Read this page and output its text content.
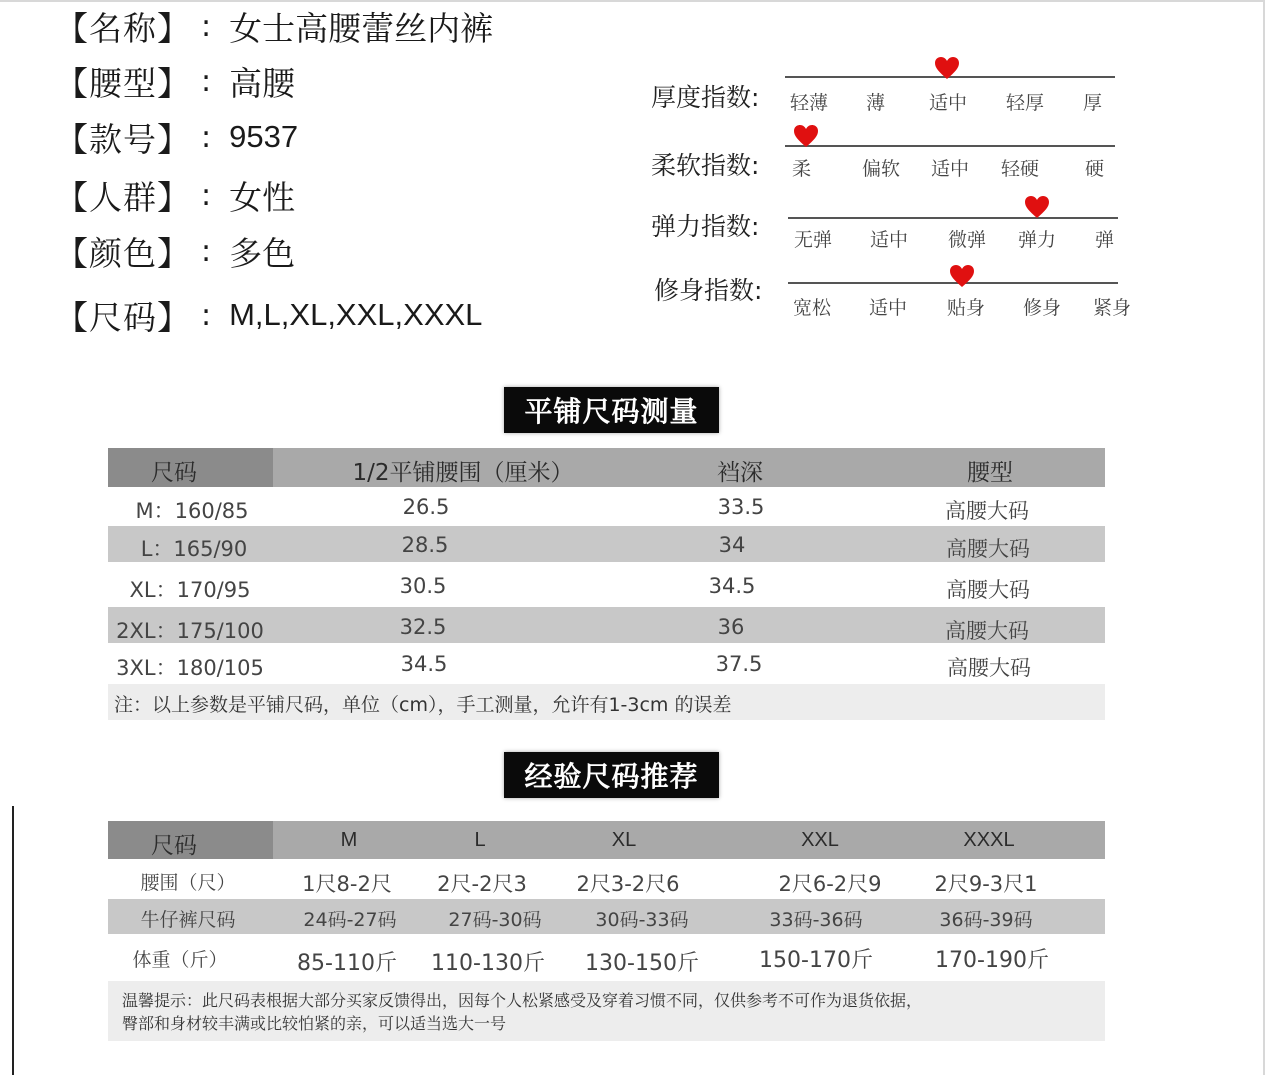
【名称】 : 女士高腰蕾丝内裤
【腰型】 : 高腰
【款号】 : 9537
【人群】 : 女性
【颜色】 : 多色
【尺码】 : M,L,XL,XXL,XXXL
厚度指数: 轻薄 薄 适中 轻厚 厚
柔软指数: 柔	偏软 适中 轻硬 硬
弹力指数: 无弹 适中 微弹 弹力 弹
修身指数:
宽松 适中 贴身 修身 紧身
平铺尺码测量
尺码	1/2平铺腰围（厘米）	裆深	腰型
M：160/85	26.5	33.5	高腰大码
L：165/90	28.5	34	高腰大码
XL：170/95	30.5	34.5	高腰大码
2XL：175/100	32.5	36	高腰大码
3XL：180/105	34.5	37.5	高腰大码
注：以上参数是平铺尺码，单位（cm），手工测量，允许有1-3cm 的误差
经验尺码推荐
尺码	M	L	XL	XXL	XXXL
腰围（尺）	1尺8-2尺 2尺-2尺3 2尺3-2尺6	2尺6-2尺9	2尺9-3尺1
牛仔裤尺码	24码-27码	27码-30码	30码-33码	33码-36码	36码-39码
体重（斤）	85-110斤 110-130斤 130-150斤	150-170斤	170-190斤
温馨提示：此尺码表根据大部分买家反馈得出，因每个人松紧感受及穿着习惯不同，仅供参考不可作为退货依据，
臀部和身材较丰满或比较怕紧的亲，可以适当选大一号
